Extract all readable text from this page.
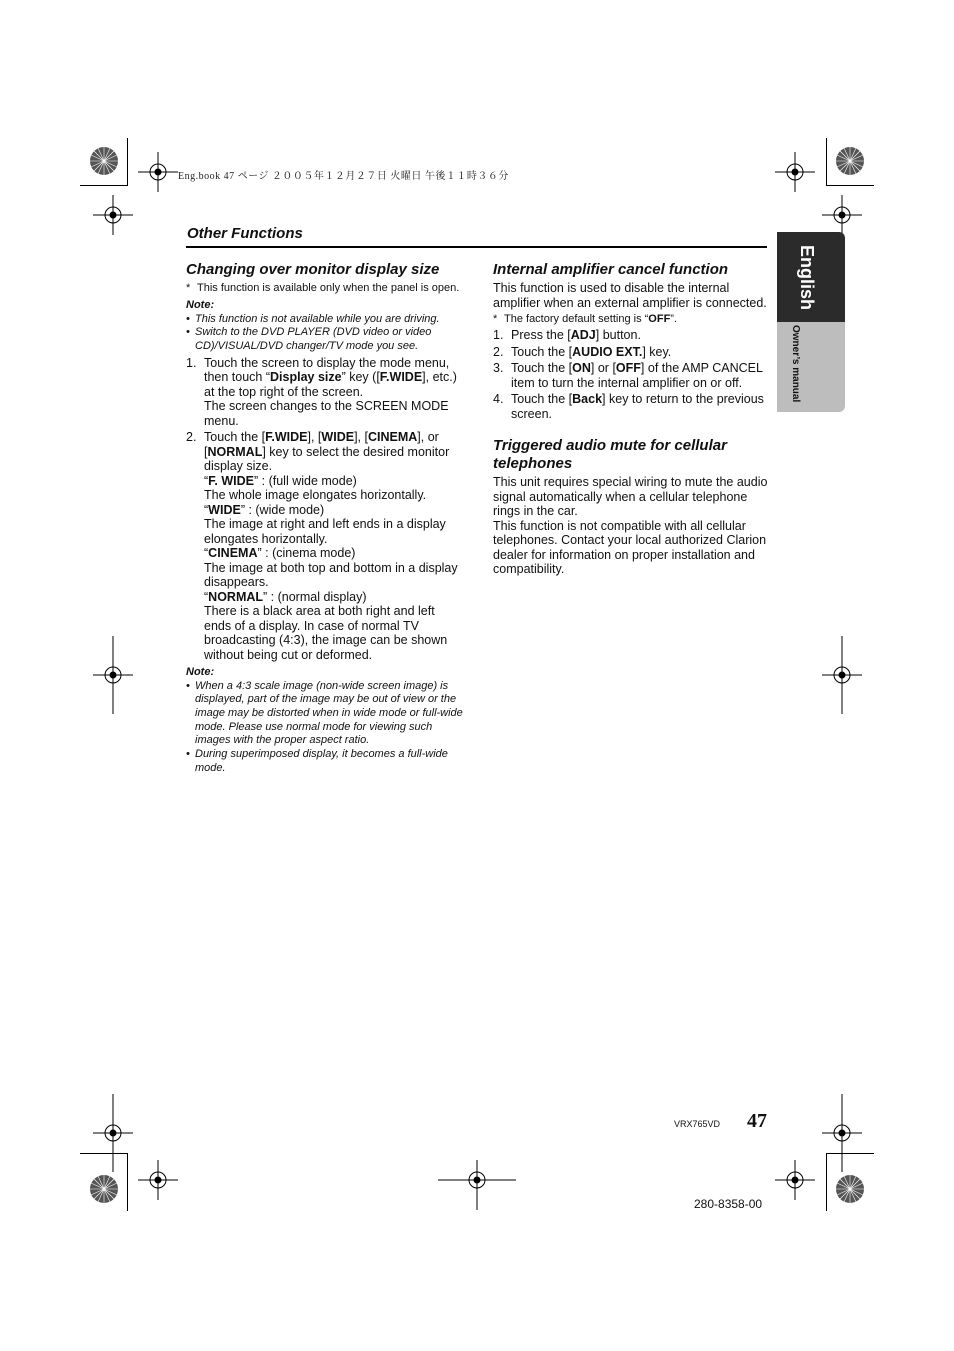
Eng.book 47 ページ ２００５年１２月２７日 火曜日 午後１１時３６分
Other Functions
English
Owner’s manual
Changing over monitor display size
* This function is available only when the panel is open.
Note:
• This function is not available while you are driving.
• Switch to the DVD PLAYER (DVD video or video CD)/VISUAL/DVD changer/TV mode you see.
1. Touch the screen to display the mode menu, then touch “Display size” key ([F.WIDE], etc.) at the top right of the screen.

The screen changes to the SCREEN MODE menu.

2. Touch the [F.WIDE], [WIDE], [CINEMA], or [NORMAL] key to select the desired monitor display size.

“F. WIDE” : (full wide mode)

The whole image elongates horizontally.

“WIDE” : (wide mode)

The image at right and left ends in a display elongates horizontally.

“CINEMA” : (cinema mode)

The image at both top and bottom in a display disappears.

“NORMAL” : (normal display)

There is a black area at both right and left ends of a display. In case of normal TV broadcasting (4:3), the image can be shown without being cut or deformed.

Note:
• When a 4:3 scale image (non-wide screen image) is displayed, part of the image may be out of view or the image may be distorted when in wide mode or full-wide mode. Please use normal mode for viewing such images with the proper aspect ratio.
• During superimposed display, it becomes a full-wide mode.
Internal amplifier cancel function

This function is used to disable the internal amplifier when an external amplifier is connected.

* The factory default setting is “OFF”.
1. Press the [ADJ] button.
2. Touch the [AUDIO EXT.] key.
3. Touch the [ON] or [OFF] of the AMP CANCEL item to turn the internal amplifier on or off.
4. Touch the [Back] key to return to the previous screen.
Triggered audio mute for cellular telephones

This unit requires special wiring to mute the audio signal automatically when a cellular telephone rings in the car.

This function is not compatible with all cellular telephones. Contact your local authorized Clarion dealer for information on proper installation and compatibility.

VRX765VD 47
280-8358-00
